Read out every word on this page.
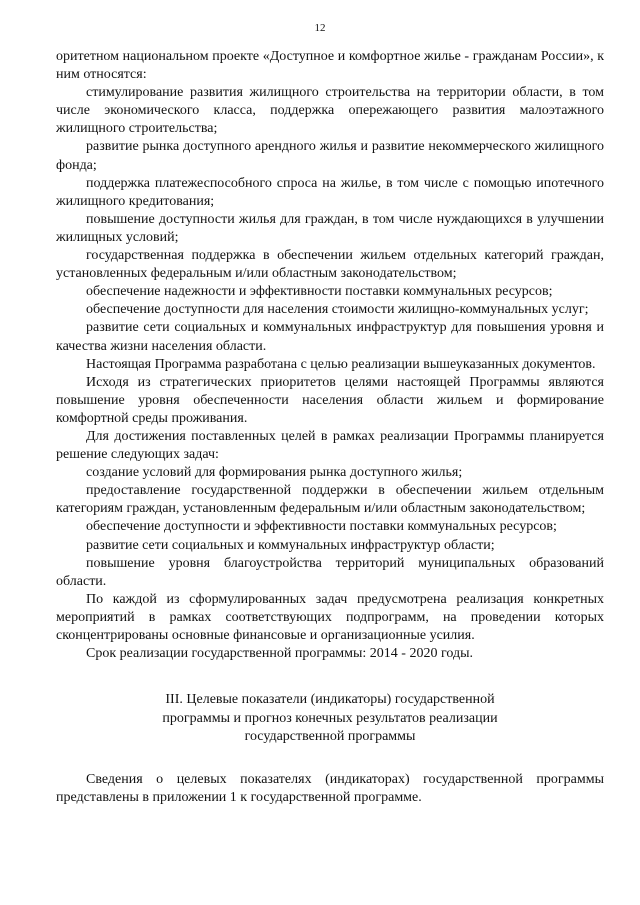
12

оритетном национальном проекте «Доступное и комфортное жилье - гражданам России», к ним относятся:

стимулирование развития жилищного строительства на территории области, в том числе экономического класса, поддержка опережающего развития малоэтажного жилищного строительства;

развитие рынка доступного арендного жилья и развитие некоммерческого жилищного фонда;

поддержка платежеспособного спроса на жилье, в том числе с помощью ипотечного жилищного кредитования;

повышение доступности жилья для граждан, в том числе нуждающихся в улучшении жилищных условий;

государственная поддержка в обеспечении жильем отдельных категорий граждан, установленных федеральным и/или областным законодательством;

обеспечение надежности и эффективности поставки коммунальных ресурсов;

обеспечение доступности для населения стоимости жилищно-коммунальных услуг;

развитие сети социальных и коммунальных инфраструктур для повышения уровня и качества жизни населения области.

Настоящая Программа разработана с целью реализации вышеуказанных документов.

Исходя из стратегических приоритетов целями настоящей Программы являются повышение уровня обеспеченности населения области жильем и формирование комфортной среды проживания.

Для достижения поставленных целей в рамках реализации Программы планируется решение следующих задач:

создание условий для формирования рынка доступного жилья;

предоставление государственной поддержки в обеспечении жильем отдельным категориям граждан, установленным федеральным и/или областным законодательством;

обеспечение доступности и эффективности поставки коммунальных ресурсов;

развитие сети социальных и коммунальных инфраструктур области;

повышение уровня благоустройства территорий муниципальных образований области.

По каждой из сформулированных задач предусмотрена реализация конкретных мероприятий в рамках соответствующих подпрограмм, на проведении которых сконцентрированы основные финансовые и организационные усилия.

Срок реализации государственной программы: 2014 - 2020 годы.

III. Целевые показатели (индикаторы) государственной
программы и прогноз конечных результатов реализации
государственной программы

Сведения о целевых показателях (индикаторах) государственной программы представлены в приложении 1 к государственной программе.
